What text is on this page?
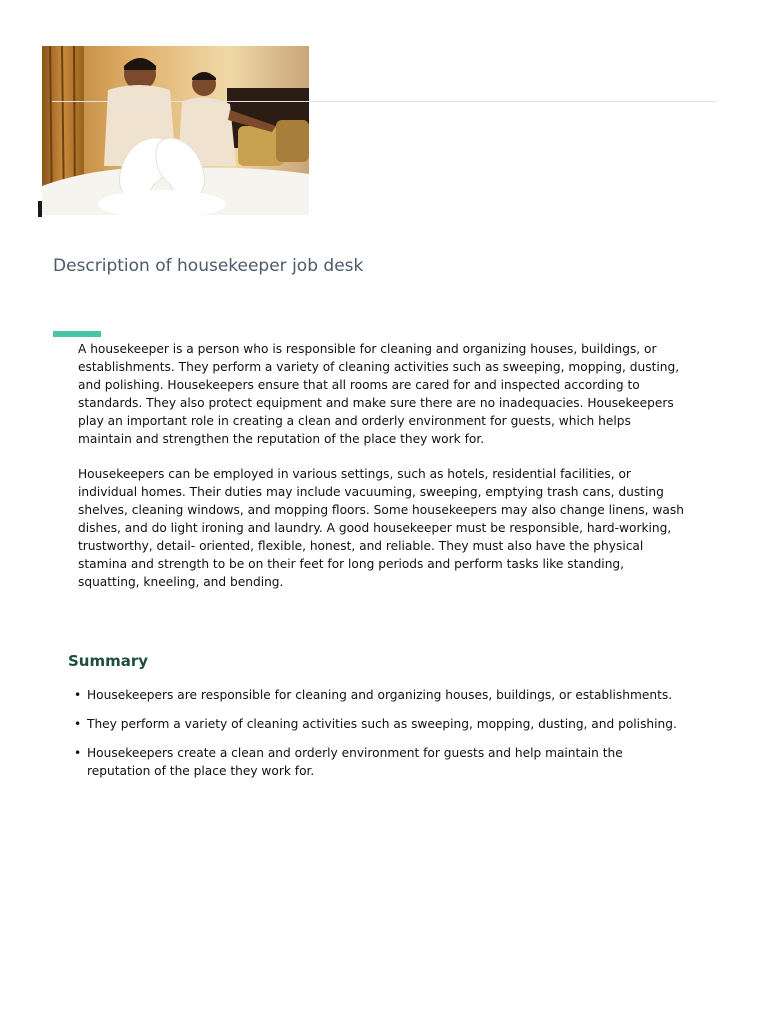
Description of housekeeper job desk

A housekeeper is a person who is responsible for cleaning and organizing houses, buildings, or establishments. They perform a variety of cleaning activities such as sweeping, mopping, dusting, and polishing. Housekeepers ensure that all rooms are cared for and inspected according to standards. They also protect equipment and make sure there are no inadequacies. Housekeepers play an important role in creating a clean and orderly environment for guests, which helps maintain and strengthen the reputation of the place they work for.

Housekeepers can be employed in various settings, such as hotels, residential facilities, or individual homes. Their duties may include vacuuming, sweeping, emptying trash cans, dusting shelves, cleaning windows, and mopping floors. Some housekeepers may also change linens, wash dishes, and do light ironing and laundry. A good housekeeper must be responsible, hard-working, trustworthy, detail- oriented, flexible, honest, and reliable. They must also have the physical stamina and strength to be on their feet for long periods and perform tasks like standing, squatting, kneeling, and bending.

Summary
• Housekeepers are responsible for cleaning and organizing houses, buildings, or establishments.
• They perform a variety of cleaning activities such as sweeping, mopping, dusting, and polishing.
• Housekeepers create a clean and orderly environment for guests and help maintain the reputation of the place they work for.
